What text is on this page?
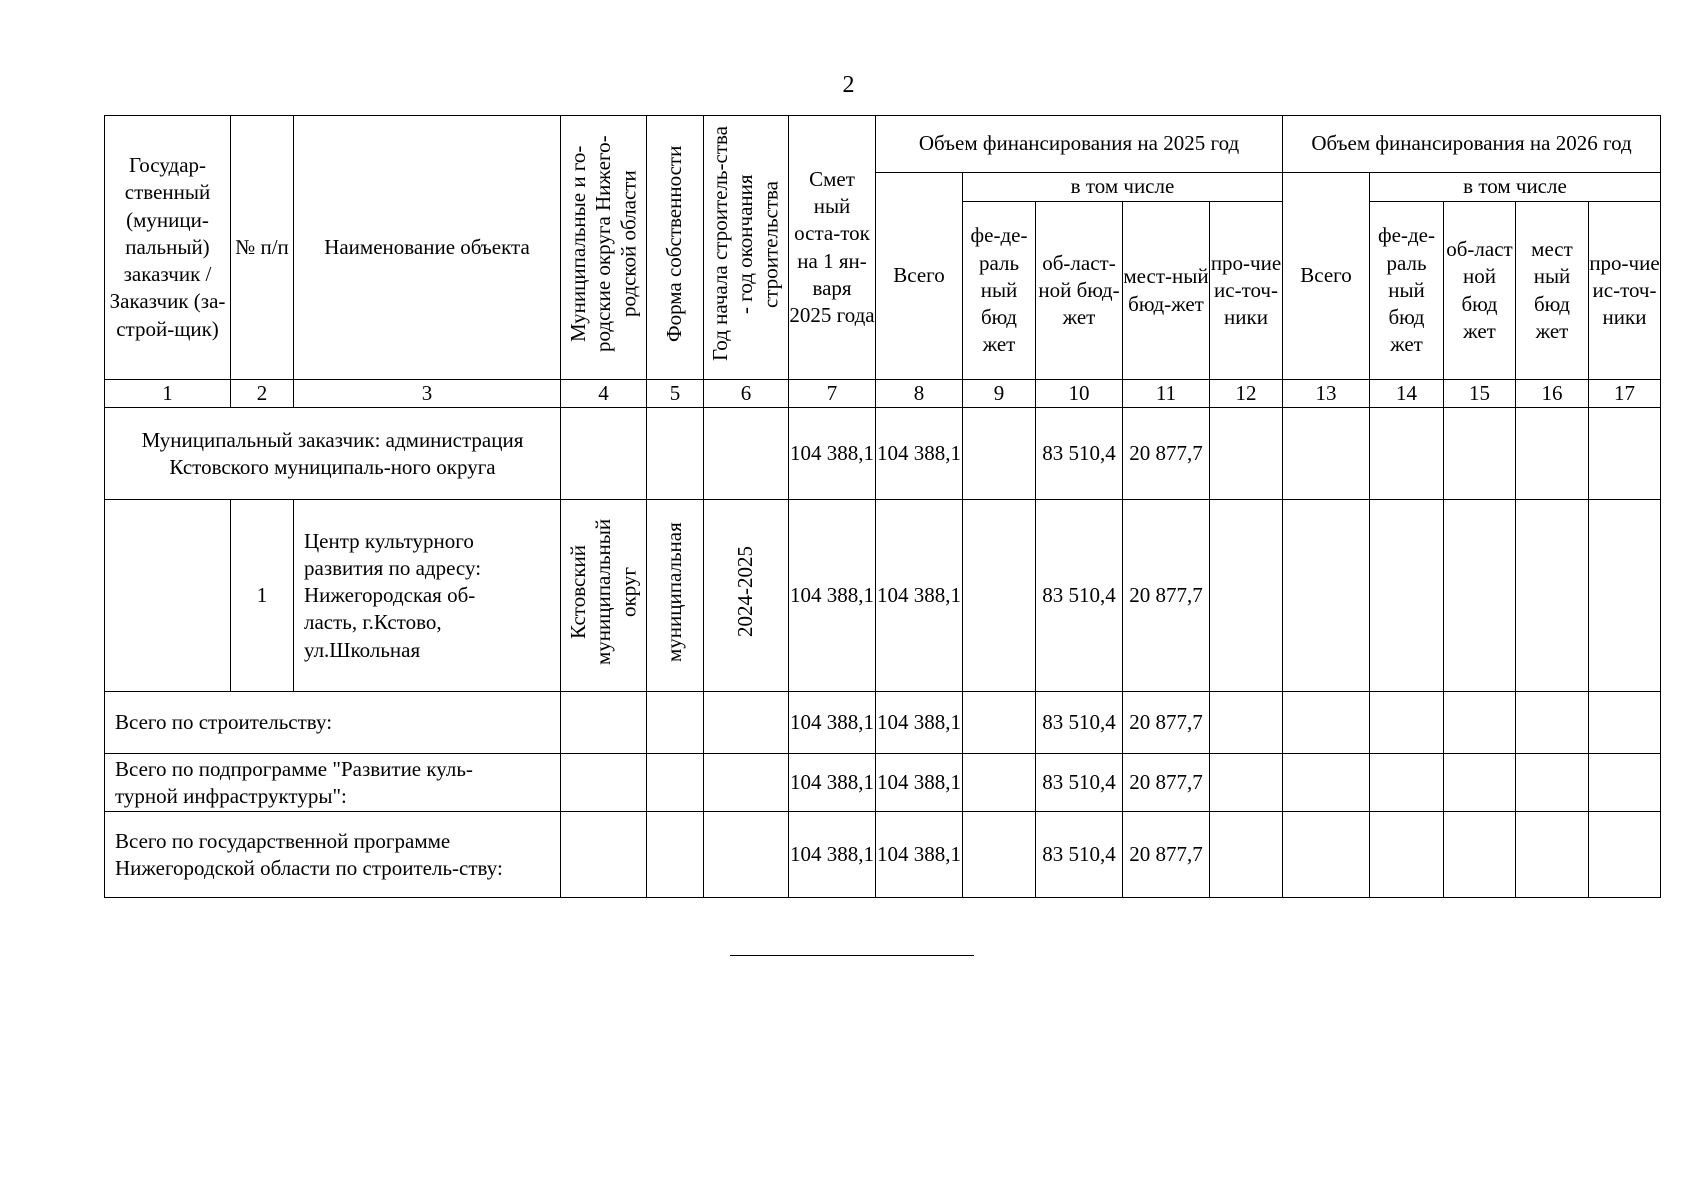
2
Государ-ственный (муници-пальный) заказчик / Заказчик (за-строй-щик)	№ п/п	Наименование объекта	Муниципальные и го-родские округа Нижего-родской области	Форма собственности	Год начала строитель-ства - год окончания строительства	Смет ный оста-ток на 1 ян-варя 2025 года	Объем финансирования на 2025 год					Объем финансирования на 2026 год				
							Всего	в том числе				Всего	в том числе			
								фе-де-раль ный бюд жет	об-ласт-ной бюд-жет	мест-ный бюд-жет	про-чие ис-точ-ники		фе-де-раль ный бюд жет	об-ласт ной бюд жет	мест ный бюд жет	про-чие ис-точ-ники
1	2	3	4	5	6	7	8	9	10	11	12	13	14	15	16	17
Муниципальный заказчик: администрация Кстовского муниципаль-ного округа						104 388,1	104 388,1		83 510,4	20 877,7						
	1	Центр культурного развития по адресу: Нижегородская об-ласть, г.Кстово, ул.Школьная	Кстовский муниципальный округ	муниципальная	2024-2025	104 388,1	104 388,1		83 510,4	20 877,7						
Всего по строительству:						104 388,1	104 388,1		83 510,4	20 877,7						
Всего по подпрограмме "Развитие куль-турной инфраструктуры":						104 388,1	104 388,1		83 510,4	20 877,7						
Всего по государственной программе Нижегородской области по строитель-ству:						104 388,1	104 388,1		83 510,4	20 877,7						
